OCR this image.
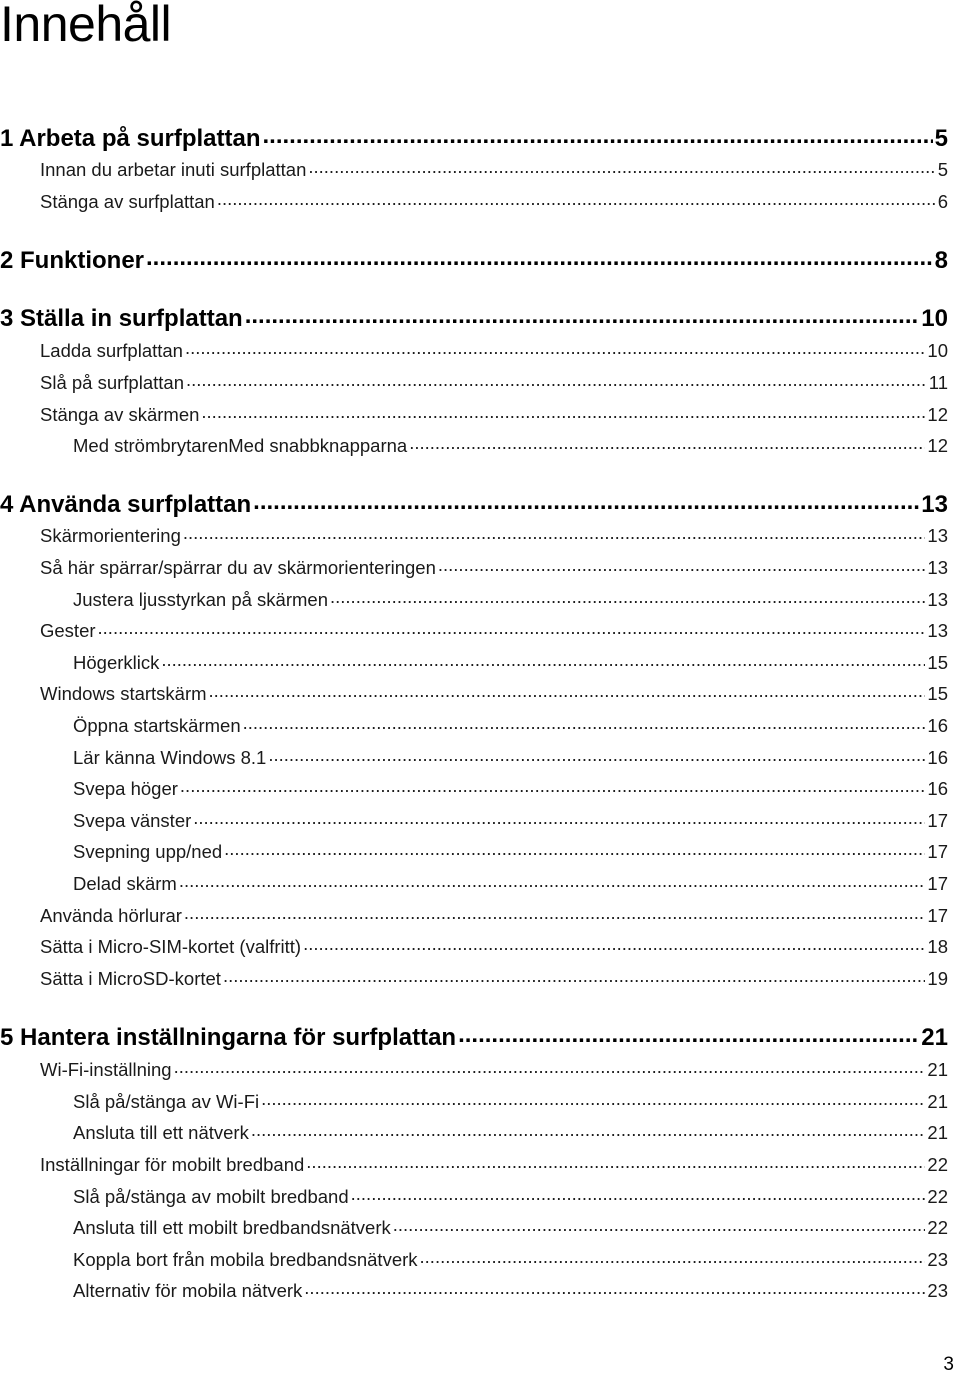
Innehåll
1 Arbeta på surfplattan .....	5
Innan du arbetar inuti surfplattan .....	5
Stänga av surfplattan .....	6
2 Funktioner .....	8
3 Ställa in surfplattan .....	10
Ladda surfplattan .....	10
Slå på surfplattan .....	11
Stänga av skärmen .....	12
Med strömbrytarenMed snabbknapparna .....	12
4 Använda surfplattan .....	13
Skärmorientering .....	13
Så här spärrar/spärrar du av skärmorienteringen .....	13
Justera ljusstyrkan på skärmen .....	13
Gester .....	13
Högerklick .....	15
Windows startskärm .....	15
Öppna startskärmen .....	16
Lär känna Windows 8.1 .....	16
Svepa höger .....	16
Svepa vänster .....	17
Svepning upp/ned .....	17
Delad skärm .....	17
Använda hörlurar .....	17
Sätta i Micro-SIM-kortet (valfritt) .....	18
Sätta i MicroSD-kortet .....	19
5 Hantera inställningarna för surfplattan .....	21
Wi-Fi-inställning .....	21
Slå på/stänga av Wi-Fi .....	21
Ansluta till ett nätverk .....	21
Inställningar för mobilt bredband .....	22
Slå på/stänga av mobilt bredband .....	22
Ansluta till ett mobilt bredbandsnätverk .....	22
Koppla bort från mobila bredbandsnätverk .....	23
Alternativ för mobila nätverk .....	23
3
